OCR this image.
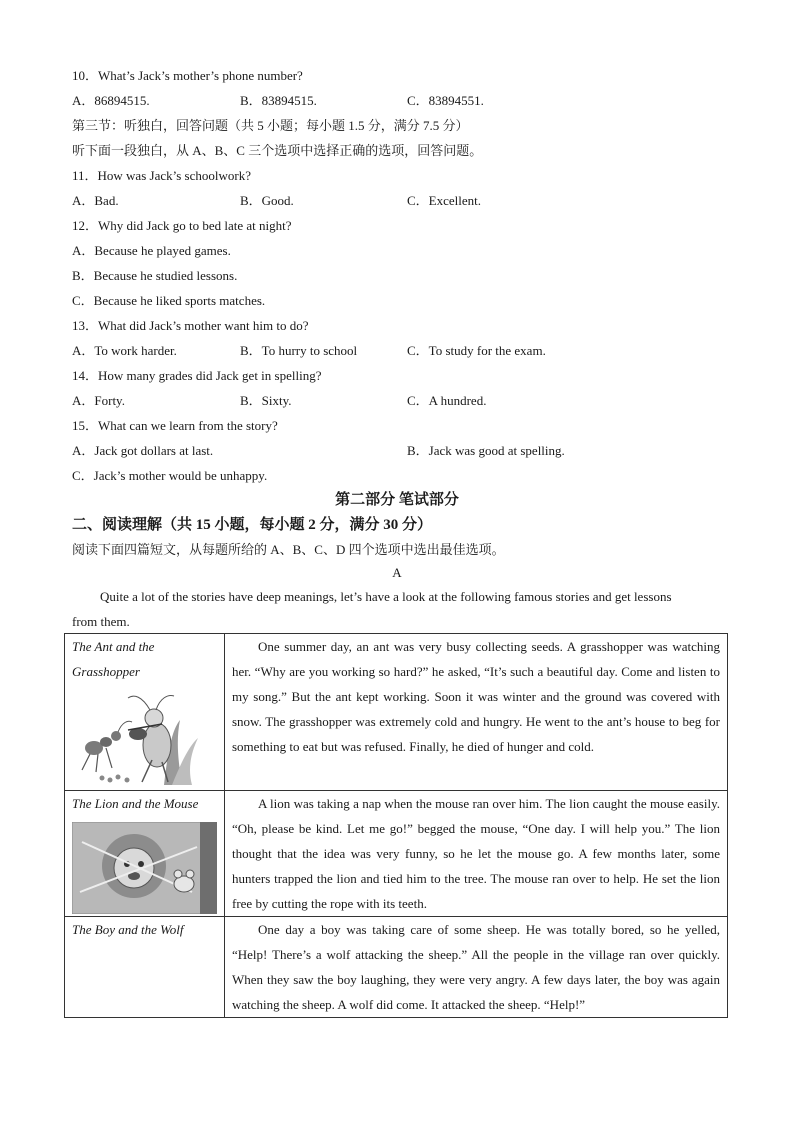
10．What’s Jack’s mother’s phone number?
A．86894515.	B．83894515.	C．83894551.
第三节：听独白，回答问题（共 5 小题；每小题 1.5 分，满分 7.5 分）
听下面一段独白，从 A、B、C 三个选项中选择正确的选项，回答问题。
11．How was Jack’s schoolwork?
A．Bad.	B．Good.	C．Excellent.
12．Why did Jack go to bed late at night?
A．Because he played games.
B．Because he studied lessons.
C．Because he liked sports matches.
13．What did Jack’s mother want him to do?
A．To work harder.	B．To hurry to school	C．To study for the exam.
14．How many grades did Jack get in spelling?
A．Forty.	B．Sixty.	C．A hundred.
15．What can we learn from the story?
A．Jack got dollars at last.	B．Jack was good at spelling.
C．Jack’s mother would be unhappy.
第二部分 笔试部分
二、阅读理解（共 15 小题，每小题 2 分，满分 30 分）
阅读下面四篇短文，从每题所给的 A、B、C、D 四个选项中选出最佳选项。
A
Quite a lot of the stories have deep meanings, let’s have a look at the following famous stories and get lessons
from them.
The Ant and the
Grasshopper	One summer day, an ant was very busy collecting seeds. A grasshopper was watching her. “Why are you working so hard?” he asked, “It’s such a beautiful day. Come and listen to my song.” But the ant kept working. Soon it was winter and the ground was covered with snow. The grasshopper was extremely cold and hungry. He went to the ant’s house to beg for something to eat but was refused. Finally, he died of hunger and cold.

The Lion and the Mouse	A lion was taking a nap when the mouse ran over him. The lion caught the mouse easily. “Oh, please be kind. Let me go!” begged the mouse, “One day. I will help you.” The lion thought that the idea was very funny, so he let the mouse go. A few months later, some hunters trapped the lion and tied him to the tree. The mouse ran over to help. He set the lion free by cutting the rope with its teeth.

The Boy and the Wolf	One day a boy was taking care of some sheep. He was totally bored, so he yelled, “Help! There’s a wolf attacking the sheep.” All the people in the village ran over quickly. When they saw the boy laughing, they were very angry. A few days later, the boy was again watching the sheep. A wolf did come. It attacked the sheep. “Help!”
